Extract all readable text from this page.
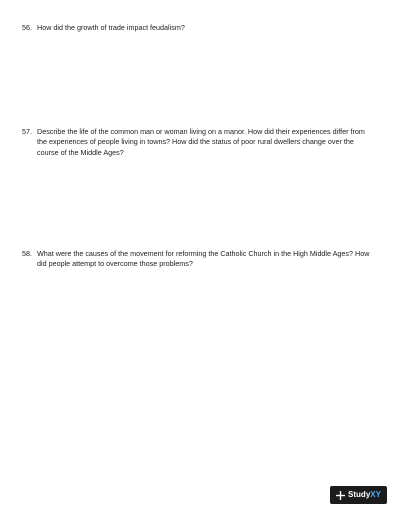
56. How did the growth of trade impact feudalism?
57. Describe the life of the common man or woman living on a manor. How did their experiences differ from the experiences of people living in towns? How did the status of poor rural dwellers change over the course of the Middle Ages?
58. What were the causes of the movement for reforming the Catholic Church in the High Middle Ages? How did people attempt to overcome those problems?
StudyXY
